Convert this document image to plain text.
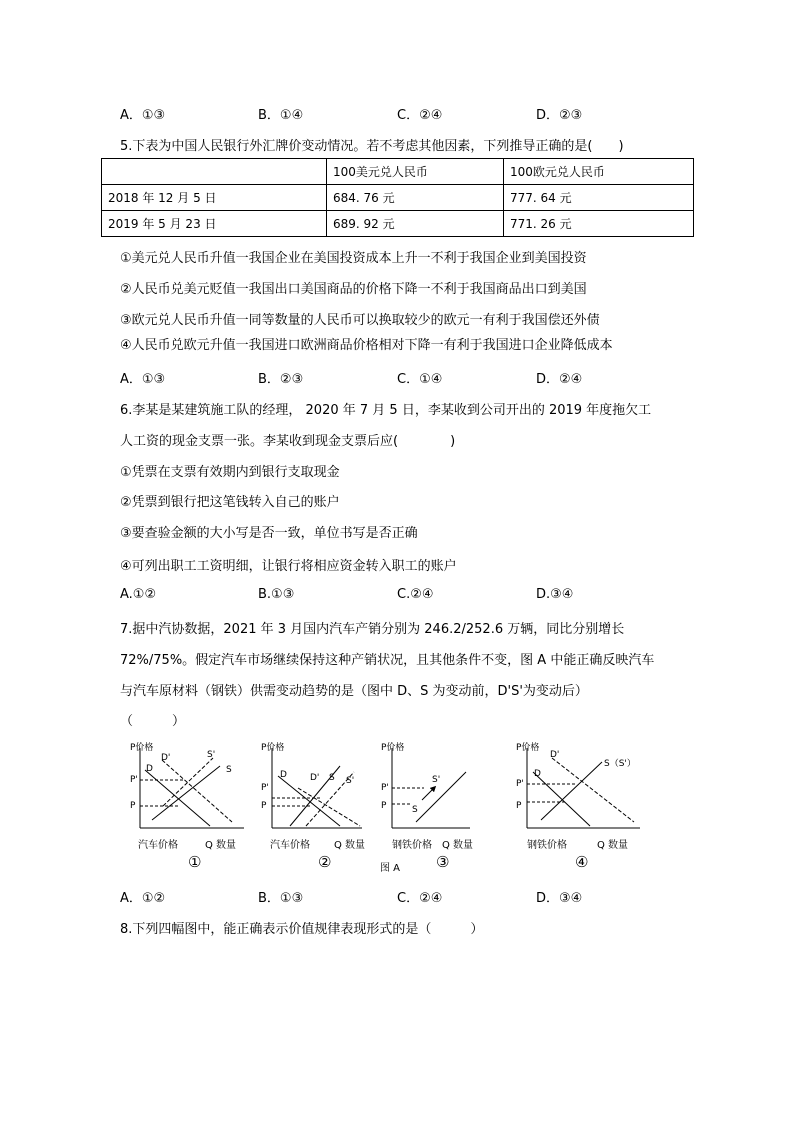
A．①③	B．①④	C．②④	D．②③
5.下表为中国人民银行外汇牌价变动情况。若不考虑其他因素，下列推导正确的是(　　)
	100美元兑人民币	100欧元兑人民币
2018 年 12 月 5 日	684. 76 元	777. 64 元
2019 年 5 月 23 日	689. 92 元	771. 26 元
①美元兑人民币升值一我国企业在美国投资成本上升一不利于我国企业到美国投资
②人民币兑美元贬值一我国出口美国商品的价格下降一不利于我国商品出口到美国
③欧元兑人民币升值一同等数量的人民币可以换取较少的欧元一有利于我国偿还外债
④人民币兑欧元升值一我国进口欧洲商品价格相对下降一有利于我国进口企业降低成本
A．①③	B．②③	C．①④	D．②④
6.李某是某建筑施工队的经理， 2020 年 7 月 5 日，李某收到公司开出的 2019 年度拖欠工
人工资的现金支票一张。李某收到现金支票后应(　　　　)
①凭票在支票有效期内到银行支取现金
②凭票到银行把这笔钱转入自己的账户
③要查验金额的大小写是否一致，单位书写是否正确
④可列出职工工资明细，让银行将相应资金转入职工的账户
A.①②	B.①③	C.②④	D.③④
7.据中汽协数据，2021 年 3 月国内汽车产销分别为 246.2/252.6 万辆，同比分别增长
72%/75%。假定汽车市场继续保持这种产销状况，且其他条件不变，图 A 中能正确反映汽车
与汽车原材料（钢铁）供需变动趋势的是（图中 D、S 为变动前，D'S'为变动后）
（　　　）
P价格
P'
P
D'
D
S'
S
汽车价格	Q 数量
①
P价格
P'
P
D	D' S S'
汽车价格 Q 数量
②
P价格
P'
P
S'
S
钢铁价格 Q 数量
图 A ③
P价格
P'
P
D'
D
S（S'）
钢铁价格	Q 数量
④
A．①②	B．①③	C．②④	D．③④
8.下列四幅图中，能正确表示价值规律表现形式的是（　　　）
